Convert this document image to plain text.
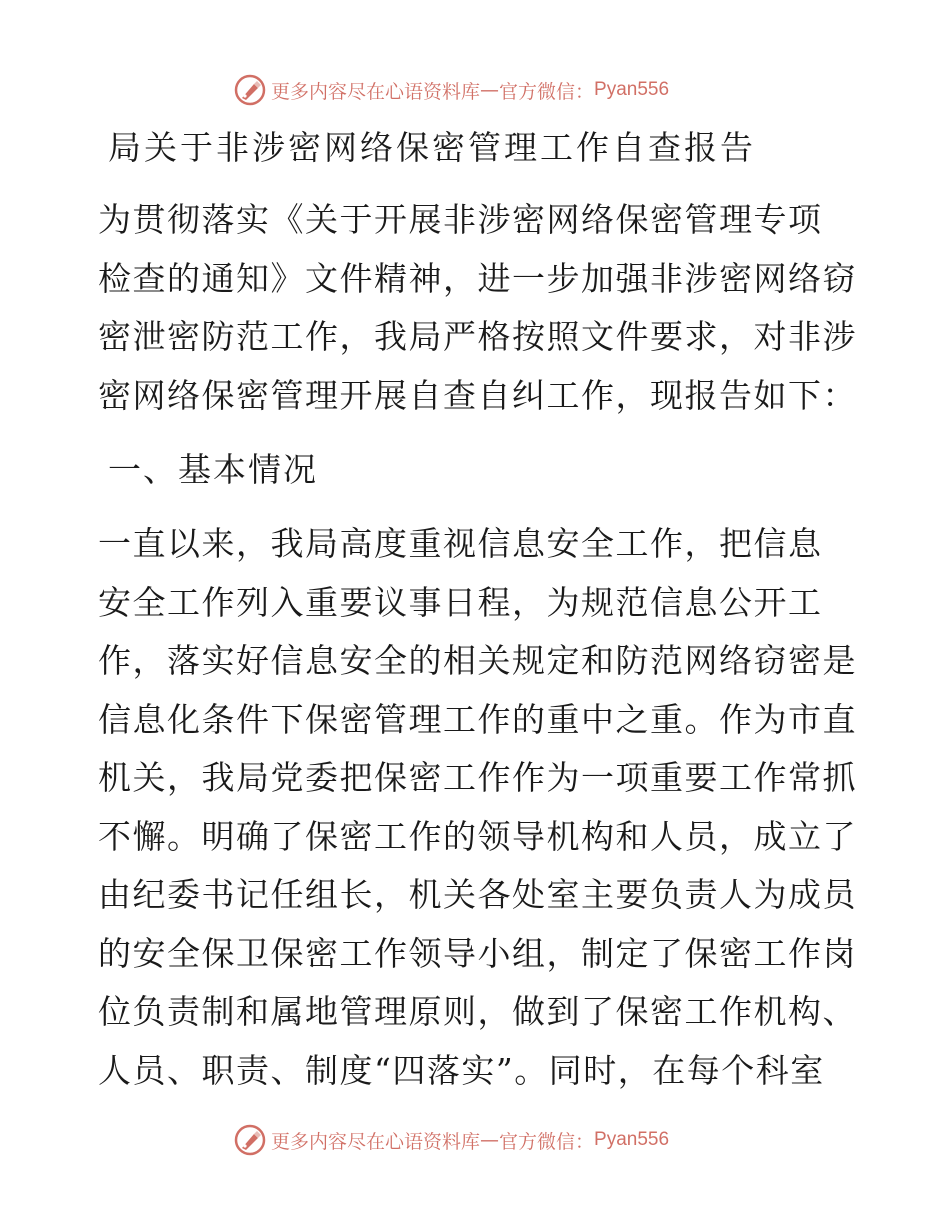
更多内容尽在心语资料库 — 官方微信： Pyan556
局关于非涉密网络保密管理工作自查报告
为贯彻落实《关于开展非涉密网络保密管理专项
检查的通知》文件精神，进一步加强非涉密网络窃
密泄密防范工作，我局严格按照文件要求，对非涉
密网络保密管理开展自查自纠工作，现报告如下：
一、基本情况
一直以来，我局高度重视信息安全工作，把信息
安全工作列入重要议事日程，为规范信息公开工
作，落实好信息安全的相关规定和防范网络窃密是
信息化条件下保密管理工作的重中之重。作为市直
机关，我局党委把保密工作作为一项重要工作常抓
不懈。明确了保密工作的领导机构和人员，成立了
由纪委书记任组长，机关各处室主要负责人为成员
的安全保卫保密工作领导小组，制定了保密工作岗
位负责制和属地管理原则，做到了保密工作机构、
人员、职责、制度“四落实”。同时，在每个科室
更多内容尽在心语资料库 — 官方微信： Pyan556
